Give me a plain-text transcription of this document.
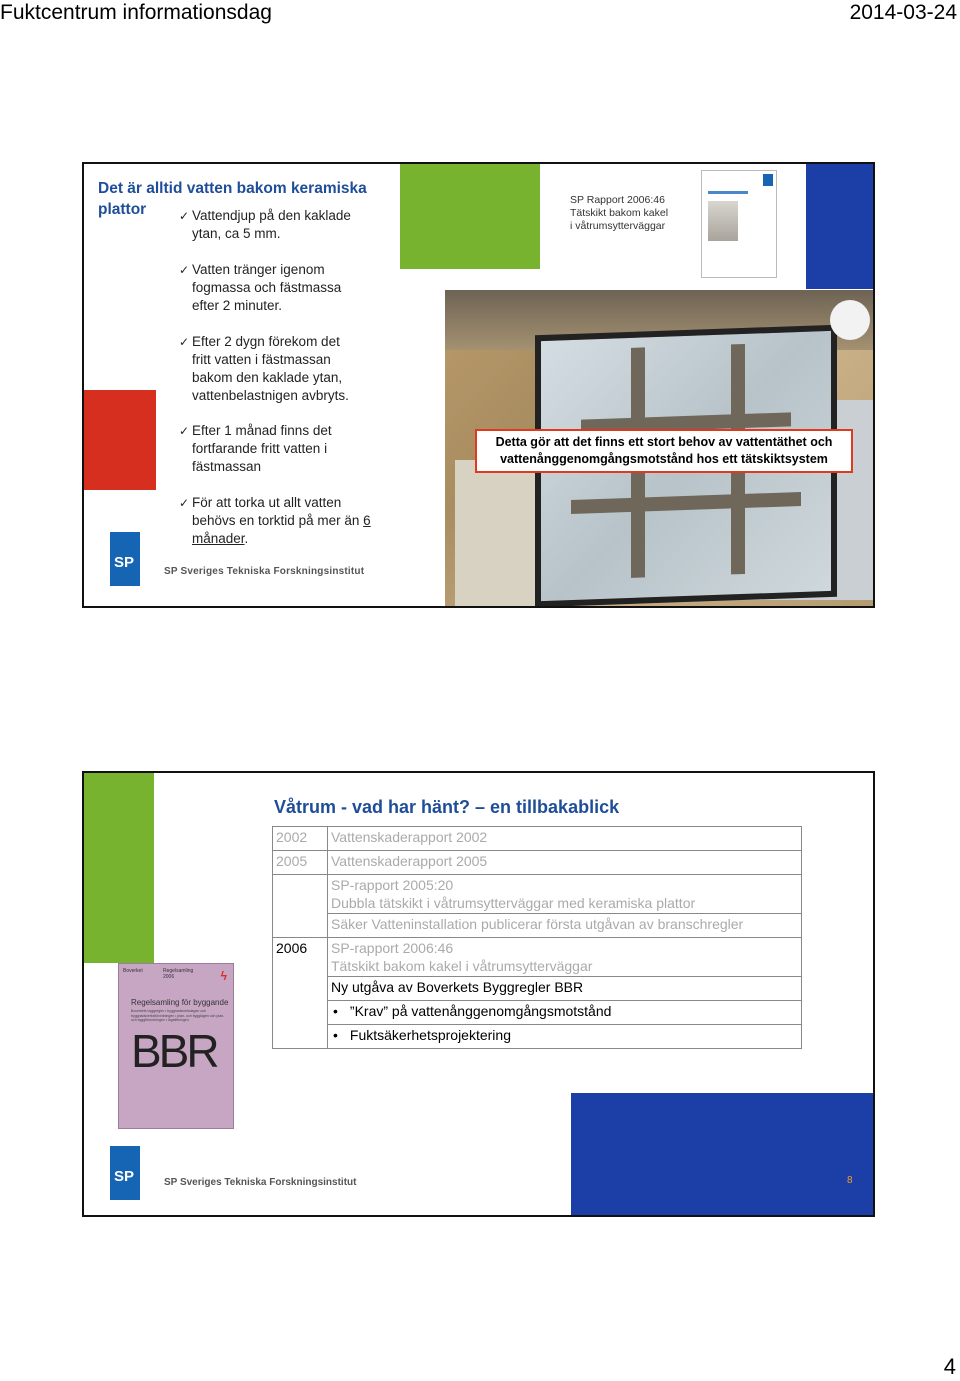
Fuktcentrum informationsdag	2014-03-24
Det är alltid vatten bakom keramiska plattor	✓ Vattendjup på den kaklade ytan, ca 5 mm.
✓ Vatten tränger igenom fogmassa och fästmassa efter 2 minuter.
✓ Efter 2 dygn förekom det fritt vatten i fästmassan bakom den kaklade ytan, vattenbelastnigen avbryts.
✓ Efter 1 månad finns det fortfarande fritt vatten i fästmassan
✓ För att torka ut allt vatten behövs en torktid på mer än 6 månader.
SP Rapport 2006:46
Tätskikt bakom kakel
i våtrumsytterväggar
Detta gör att det finns ett stort behov av vattentäthet och vattenånggenomgångsmotstånd hos ett tätskiktsystem
SP
SP Sveriges Tekniska Forskningsinstitut
Boverket	Regelsamling 2006	ϟ
Regelsamling för byggande
Boverkets byggregler • byggnadsverkslagen och byggnadsverksförordningen • plan- och bygglagen och plan- och byggförordningen • lagstiftningen
BBR
Våtrum - vad har hänt? – en tillbakablick
2002	Vattenskaderapport 2002
2005	Vattenskaderapport 2005
	SP-rapport 2005:20
Dubbla tätskikt i våtrumsytterväggar med keramiska plattor
	Säker Vatteninstallation publicerar första utgåvan av branschregler
2006	SP-rapport 2006:46
Tätskikt bakom kakel i våtrumsytterväggar
	Ny utgåva av Boverkets Byggregler BBR
	• ”Krav” på vattenånggenomgångsmotstånd
	• Fuktsäkerhetsprojektering
SP	SP Sveriges Tekniska Forskningsinstitut	8
4
